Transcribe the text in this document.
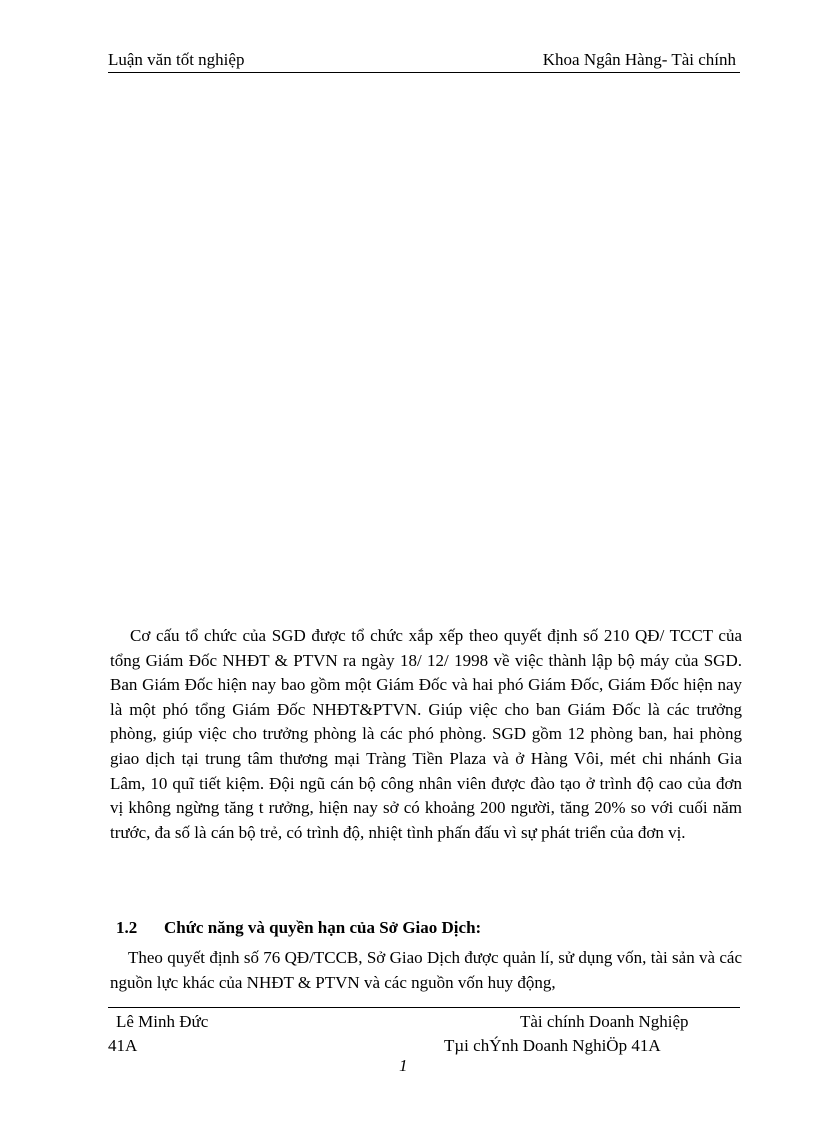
Luận văn tốt nghiệp	Khoa Ngân Hàng- Tài chính

Cơ cấu tổ chức của SGD được tổ chức xắp xếp theo quyết định số 210 QĐ/ TCCT của tổng Giám Đốc NHĐT & PTVN ra ngày 18/ 12/ 1998 về việc thành lập bộ máy của SGD. Ban Giám Đốc hiện nay bao gồm một Giám Đốc và hai phó Giám Đốc, Giám Đốc hiện nay là một phó tổng Giám Đốc NHĐT&PTVN. Giúp việc cho ban Giám Đốc là các trưởng phòng, giúp việc cho trưởng phòng là các phó phòng. SGD gồm 12 phòng ban, hai phòng giao dịch tại trung tâm thương mại Tràng Tiền Plaza và ở Hàng Vôi, mét chi nhánh Gia Lâm, 10 quĩ tiết kiệm. Đội ngũ cán bộ công nhân viên được đào tạo ở trình độ cao của đơn vị không ngừng tăng t rưởng, hiện nay sở có khoảng 200 người, tăng 20% so với cuối năm trước, đa số là cán bộ trẻ, có trình độ, nhiệt tình phấn đấu vì sự phát triển của đơn vị.

1.2 Chức năng và quyền hạn của Sở Giao Dịch:

Theo quyết định số 76 QĐ/TCCB, Sở Giao Dịch được quản lí, sử dụng vốn, tài sản và các nguồn lực khác của NHĐT & PTVN và các nguồn vốn huy động,

Lê Minh Đức
41A
Tài chính Doanh Nghiệp
Tµi chÝnh Doanh NghiÖp 41A
1
